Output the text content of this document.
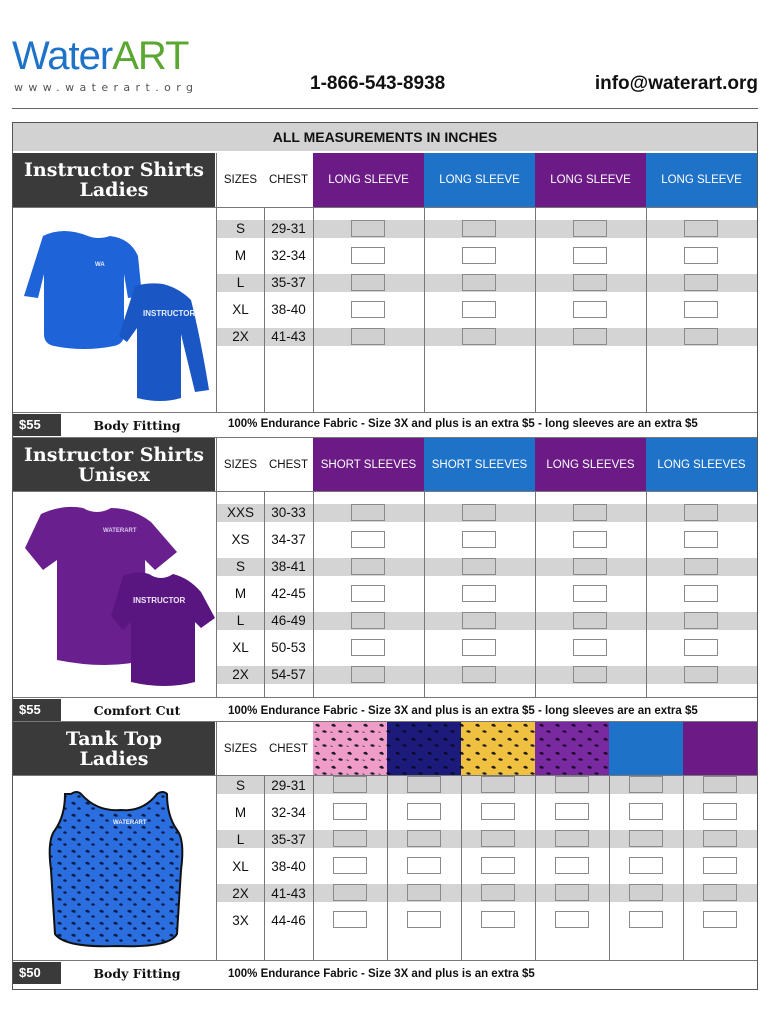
WaterART
www.waterart.org	1-866-543-8938	info@waterart.org
ALL MEASUREMENTS IN INCHES
Instructor Shirts
Ladies	SIZES	CHEST	LONG SLEEVE	LONG SLEEVE	LONG SLEEVE	LONG SLEEVE
WA
INSTRUCTOR
S	29-31
M	32-34
L	35-37
XL	38-40
2X	41-43
$55	Body Fitting	100% Endurance Fabric - Size 3X and plus is an extra $5 - long sleeves are an extra $5
Instructor Shirts
Unisex	SIZES	CHEST	SHORT SLEEVES	SHORT SLEEVES	LONG SLEEVES	LONG SLEEVES
WATERART
INSTRUCTOR
XXS	30-33
XS	34-37
S	38-41
M	42-45
L	46-49
XL	50-53
2X	54-57
$55	Comfort Cut	100% Endurance Fabric - Size 3X and plus is an extra $5 - long sleeves are an extra $5
Tank Top
Ladies	SIZES	CHEST
WATERART
S	29-31
M	32-34
L	35-37
XL	38-40
2X	41-43
3X	44-46
$50	Body Fitting	100% Endurance Fabric - Size 3X and plus is an extra $5
